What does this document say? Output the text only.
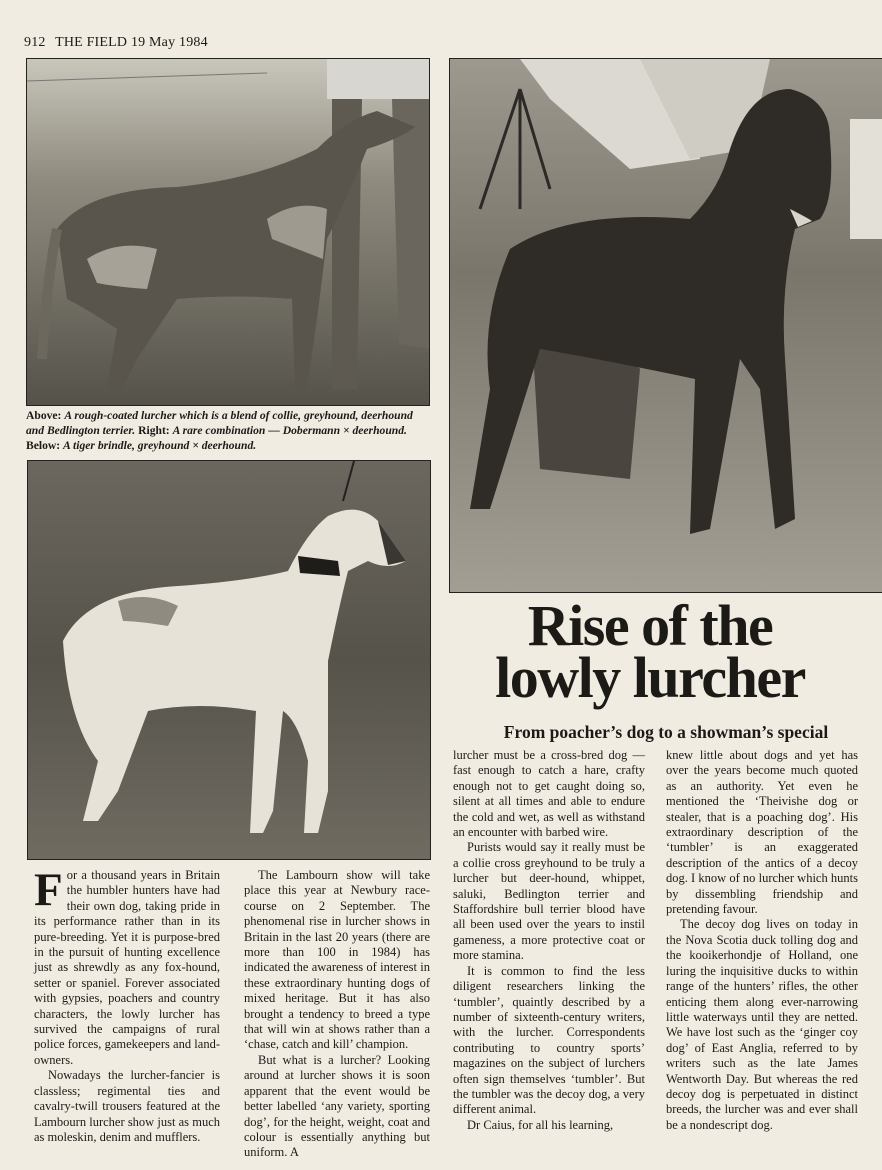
912 THE FIELD 19 May 1984
Above: A rough-coated lurcher which is a blend of collie, greyhound, deerhound and Bedlington terrier. Right: A rare combination — Dobermann × deerhound. Below: A tiger brindle, greyhound × deerhound.
Rise of the
lowly lurcher
From poacher’s dog to a showman’s special

For a thousand years in Britain the humbler hunters have had their own dog, taking pride in its performance rather than in its pure-breeding. Yet it is purpose-bred in the pursuit of hunting excellence just as shrewdly as any fox-hound, setter or spaniel. Forever associated with gypsies, poachers and country characters, the lowly lurcher has survived the campaigns of rural police forces, gamekeepers and land-owners.

Nowadays the lurcher-fancier is classless; regimental ties and cavalry-twill trousers featured at the Lambourn lurcher show just as much as moleskin, denim and mufflers.

The Lambourn show will take place this year at Newbury race-course on 2 September. The phenomenal rise in lurcher shows in Britain in the last 20 years (there are more than 100 in 1984) has indicated the awareness of interest in these extraordinary hunting dogs of mixed heritage. But it has also brought a tendency to breed a type that will win at shows rather than a ‘chase, catch and kill’ champion.

But what is a lurcher? Looking around at lurcher shows it is soon apparent that the event would be better labelled ‘any variety, sporting dog’, for the height, weight, coat and colour is essentially anything but uniform. A

lurcher must be a cross-bred dog — fast enough to catch a hare, crafty enough not to get caught doing so, silent at all times and able to endure the cold and wet, as well as withstand an encounter with barbed wire.

Purists would say it really must be a collie cross greyhound to be truly a lurcher but deer-hound, whippet, saluki, Bedlington terrier and Staffordshire bull terrier blood have all been used over the years to instil gameness, a more protective coat or more stamina.

It is common to find the less diligent researchers linking the ‘tumbler’, quaintly described by a number of sixteenth-century writers, with the lurcher. Correspondents contributing to country sports’ magazines on the subject of lurchers often sign themselves ‘tumbler’. But the tumbler was the decoy dog, a very different animal.

Dr Caius, for all his learning,

knew little about dogs and yet has over the years become much quoted as an authority. Yet even he mentioned the ‘Theivishe dog or stealer, that is a poaching dog’. His extraordinary description of the ‘tumbler’ is an exaggerated description of the antics of a decoy dog. I know of no lurcher which hunts by dissembling friendship and pretending favour.

The decoy dog lives on today in the Nova Scotia duck tolling dog and the kooikerhondje of Holland, one luring the inquisitive ducks to within range of the hunters’ rifles, the other enticing them along ever-narrowing little waterways until they are netted. We have lost such as the ‘ginger coy dog’ of East Anglia, referred to by writers such as the late James Wentworth Day. But whereas the red decoy dog is perpetuated in distinct breeds, the lurcher was and ever shall be a nondescript dog.
